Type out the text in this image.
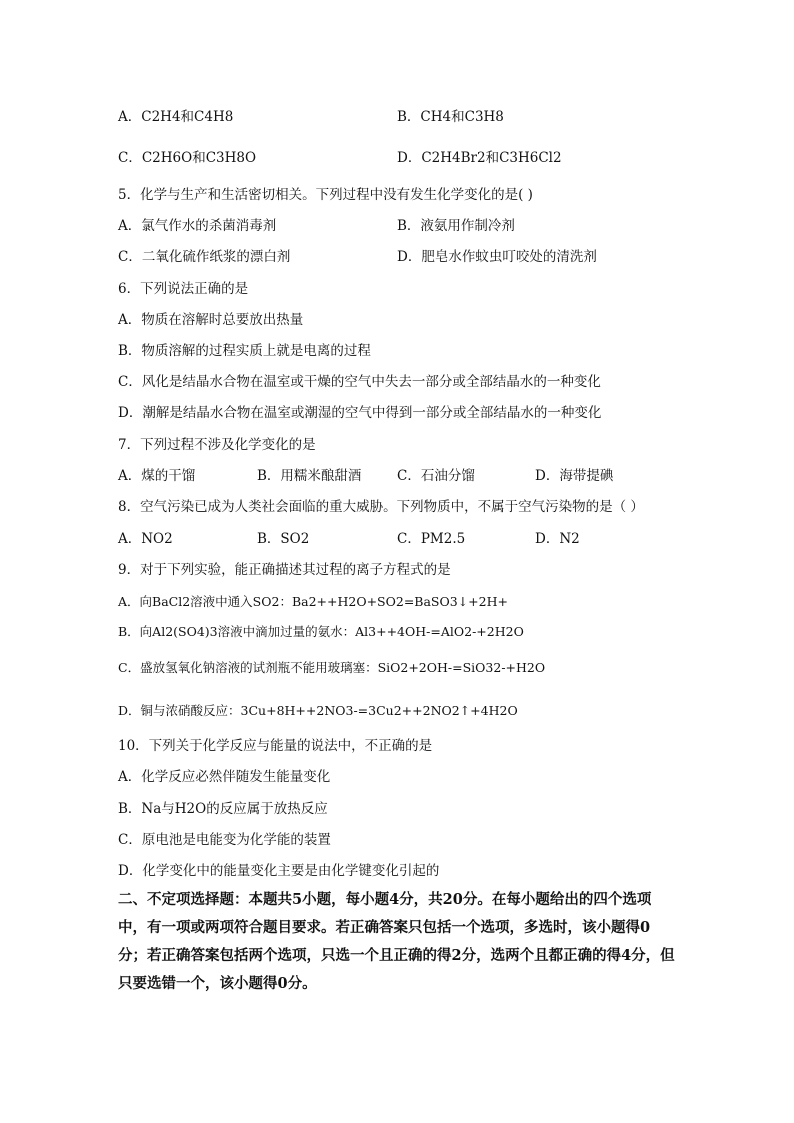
A．C2H4和C4H8	B．CH4和C3H8
C．C2H6O和C3H8O	D．C2H4Br2和C3H6Cl2
5．化学与生产和生活密切相关。下列过程中没有发生化学变化的是( )
A．氯气作水的杀菌消毒剂	B．液氨用作制冷剂
C．二氧化硫作纸浆的漂白剂	D．肥皂水作蚊虫叮咬处的清洗剂
6．下列说法正确的是
A．物质在溶解时总要放出热量
B．物质溶解的过程实质上就是电离的过程
C．风化是结晶水合物在温室或干燥的空气中失去一部分或全部结晶水的一种变化
D．潮解是结晶水合物在温室或潮湿的空气中得到一部分或全部结晶水的一种变化
7．下列过程不涉及化学变化的是
A．煤的干馏	B．用糯米酿甜酒	C．石油分馏	D．海带提碘
8．空气污染已成为人类社会面临的重大威胁。下列物质中，不属于空气污染物的是（ ）
A．NO2	B．SO2	C．PM2.5	D．N2
9．对于下列实验，能正确描述其过程的离子方程式的是
A．向BaCl2溶液中通入SO2：Ba2++H2O+SO2=BaSO3↓+2H+
B．向Al2(SO4)3溶液中滴加过量的氨水：Al3++4OH-=AlO2-+2H2O
C．盛放氢氧化钠溶液的试剂瓶不能用玻璃塞：SiO2+2OH-=SiO32-+H2O
D．铜与浓硝酸反应：3Cu+8H++2NO3-=3Cu2++2NO2↑+4H2O
10．下列关于化学反应与能量的说法中，不正确的是
A．化学反应必然伴随发生能量变化
B．Na与H2O的反应属于放热反应
C．原电池是电能变为化学能的装置
D．化学变化中的能量变化主要是由化学键变化引起的
二、不定项选择题：本题共5小题，每小题4分，共20分。在每小题给出的四个选项中，有一项或两项符合题目要求。若正确答案只包括一个选项，多选时，该小题得0分；若正确答案包括两个选项，只选一个且正确的得2分，选两个且都正确的得4分，但只要选错一个，该小题得0分。
